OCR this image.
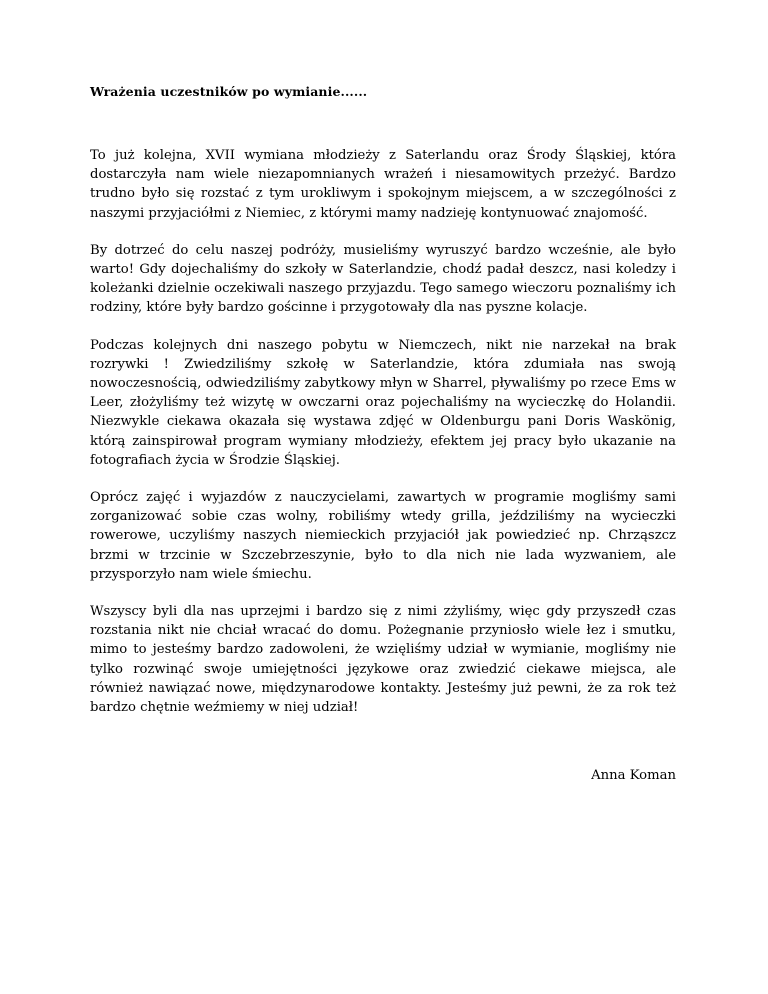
Wrażenia uczestników po wymianie......

To już kolejna, XVII wymiana młodzieży z Saterlandu oraz Środy Śląskiej, która dostarczyła nam wiele niezapomnianych wrażeń i niesamowitych przeżyć. Bardzo trudno było się rozstać z tym urokliwym i spokojnym miejscem, a w szczególności z naszymi przyjaciółmi z Niemiec, z którymi mamy nadzieję kontynuować znajomość.

By dotrzeć do celu naszej podróży, musieliśmy wyruszyć bardzo wcześnie, ale było warto! Gdy dojechaliśmy do szkoły w Saterlandzie, chodź padał deszcz, nasi koledzy i koleżanki dzielnie oczekiwali naszego przyjazdu. Tego samego wieczoru poznaliśmy ich rodziny, które były bardzo gościnne i przygotowały dla nas pyszne kolacje.

Podczas kolejnych dni naszego pobytu w Niemczech, nikt nie narzekał na brak rozrywki ! Zwiedziliśmy szkołę w Saterlandzie, która zdumiała nas swoją nowoczesnością, odwiedziliśmy zabytkowy młyn w Sharrel, pływaliśmy po rzece Ems w Leer, złożyliśmy też wizytę w owczarni oraz pojechaliśmy na wycieczkę do Holandii. Niezwykle ciekawa okazała się wystawa zdjęć w Oldenburgu pani Doris Waskönig, którą zainspirował program wymiany młodzieży, efektem jej pracy było ukazanie na fotografiach życia w Środzie Śląskiej.

Oprócz zajęć i wyjazdów z nauczycielami, zawartych w programie mogliśmy sami zorganizować sobie czas wolny, robiliśmy wtedy grilla, jeździliśmy na wycieczki rowerowe, uczyliśmy naszych niemieckich przyjaciół jak powiedzieć np. Chrząszcz brzmi w trzcinie w Szczebrzeszynie, było to dla nich nie lada wyzwaniem, ale przysporzyło nam wiele śmiechu.

Wszyscy byli dla nas uprzejmi i bardzo się z nimi zżyliśmy, więc gdy przyszedł czas rozstania nikt nie chciał wracać do domu. Pożegnanie przyniosło wiele łez i smutku, mimo to jesteśmy bardzo zadowoleni, że wzięliśmy udział w wymianie, mogliśmy nie tylko rozwinąć swoje umiejętności językowe oraz zwiedzić ciekawe miejsca, ale również nawiązać nowe, międzynarodowe kontakty. Jesteśmy już pewni, że za rok też bardzo chętnie weźmiemy w niej udział!

Anna Koman
